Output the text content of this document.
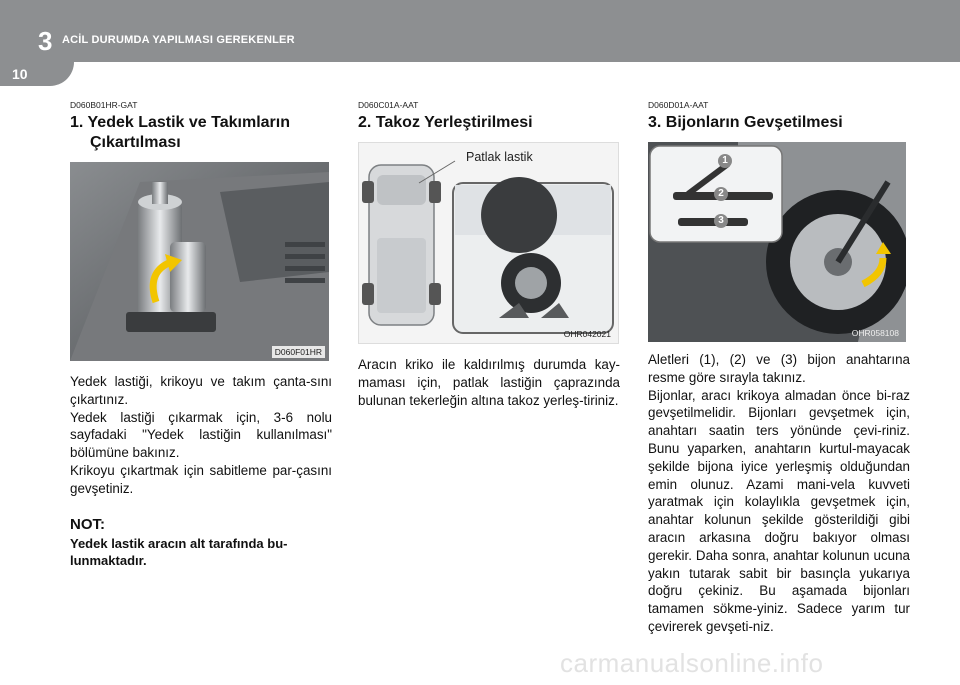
3 ACİL DURUMDA YAPILMASI GEREKENLER
10

D060B01HR-GAT

1. Yedek Lastik ve Takımların
Çıkartılması
D060F01HR

Yedek lastiği, krikoyu ve takım çanta-sını çıkartınız.
Yedek lastiği çıkarmak için, 3-6 nolu sayfadaki "Yedek lastiğin kullanılması" bölümüne bakınız.
Krikoyu çıkartmak için sabitleme par-çasını gevşetiniz.

NOT:

Yedek lastik aracın alt tarafında bu-lunmaktadır.

D060C01A-AAT

2. Takoz Yerleştirilmesi
Patlak lastik
OHR042021

Aracın kriko ile kaldırılmış durumda kay-maması için, patlak lastiğin çaprazında bulunan tekerleğin altına takoz yerleş-tiriniz.

D060D01A-AAT

3. Bijonların Gevşetilmesi
1
2
3
OHR058108

Aletleri (1), (2) ve (3) bijon anahtarına resme göre sırayla takınız.
Bijonlar, aracı krikoya almadan önce bi-raz gevşetilmelidir. Bijonları gevşetmek için, anahtarı saatin ters yönünde çevi-riniz. Bunu yaparken, anahtarın kurtul-mayacak şekilde bijona iyice yerleşmiş olduğundan emin olunuz. Azami mani-vela kuvveti yaratmak için kolaylıkla gevşetmek için, anahtar kolunun şekilde gösterildiği gibi aracın arkasına doğru bakıyor olması gerekir. Daha sonra, anahtar kolunun ucuna yakın tutarak sabit bir basınçla yukarıya doğru çekiniz. Bu aşamada bijonları tamamen sökme-yiniz. Sadece yarım tur çevirerek gevşeti-niz.

carmanualsonline.info
